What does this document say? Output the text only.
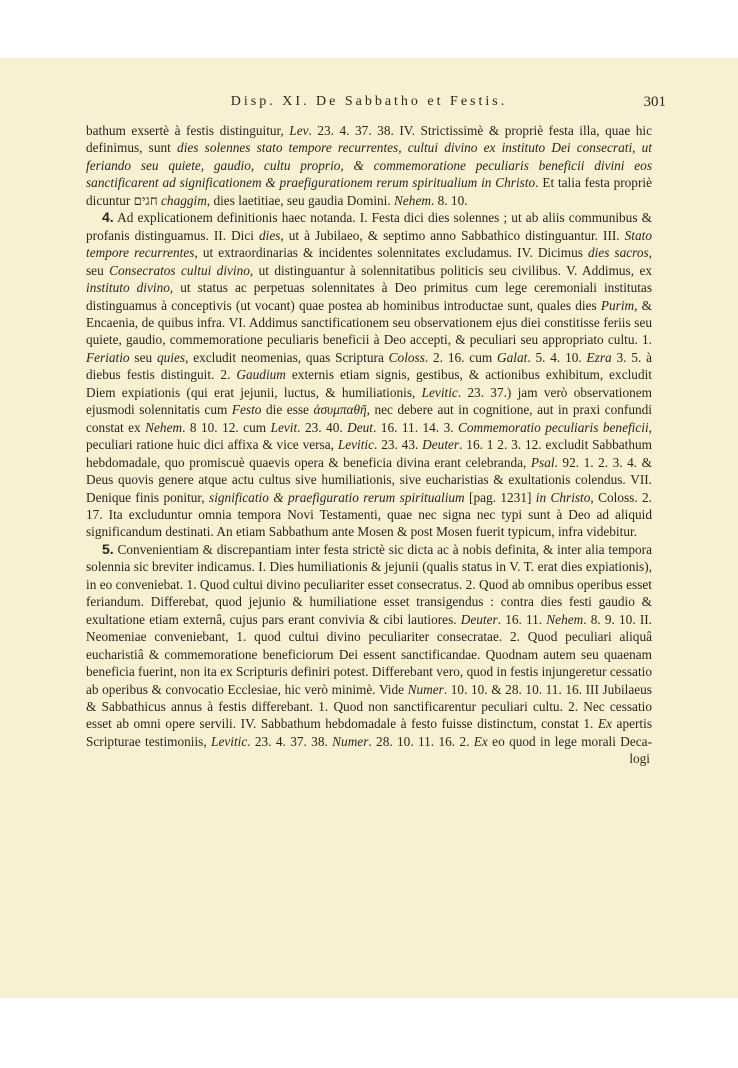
Disp. XI. De Sabbatho et Festis.	301

bathum exsertè à festis distinguitur, Lev. 23. 4. 37. 38. IV. Strictissimè & propriè festa illa, quae hic definimus, sunt dies solennes stato tempore recurrentes, cultui divino ex instituto Dei consecrati, ut feriando seu quiete, gaudio, cultu proprio, & commemoratione peculiaris beneficii divini eos sanctificarent ad significationem & praefigurationem rerum spiritualium in Christo. Et talia festa propriè dicuntur חגים chaggim, dies laetitiae, seu gaudia Domini. Nehem. 8. 10.

4. Ad explicationem definitionis haec notanda. I. Festa dici dies solennes ; ut ab aliis communibus & profanis distinguamus. II. Dici dies, ut à Jubilaeo, & septimo anno Sabbathico distinguantur. III. Stato tempore recurrentes, ut extraordinarias & incidentes solennitates excludamus. IV. Dicimus dies sacros, seu Consecratos cultui divino, ut distinguantur à solennitatibus politicis seu civilibus. V. Addimus, ex instituto divino, ut status ac perpetuas solennitates à Deo primitus cum lege ceremoniali institutas distinguamus à conceptivis (ut vocant) quae postea ab hominibus introductae sunt, quales dies Purim, & Encaenia, de quibus infra. VI. Addimus sanctificationem seu observationem ejus diei constitisse feriis seu quiete, gaudio, commemoratione peculiaris beneficii à Deo accepti, & peculiari seu appropriato cultu. 1. Feriatio seu quies, excludit neomenias, quas Scriptura Coloss. 2. 16. cum Galat. 5. 4. 10. Ezra 3. 5. à diebus festis distinguit. 2. Gaudium externis etiam signis, gestibus, & actionibus exhibitum, excludit Diem expiationis (qui erat jejunii, luctus, & humiliationis, Levitic. 23. 37.) jam verò observationem ejusmodi solennitatis cum Festo die esse ἀσυμπαθῆ, nec debere aut in cognitione, aut in praxi confundi constat ex Nehem. 8 10. 12. cum Levit. 23. 40. Deut. 16. 11. 14. 3. Commemoratio peculiaris beneficii, peculiari ratione huic dici affixa & vice versa, Levitic. 23. 43. Deuter. 16. 1 2. 3. 12. excludit Sabbathum hebdomadale, quo promiscuè quaevis opera & beneficia divina erant celebranda, Psal. 92. 1. 2. 3. 4. & Deus quovis genere atque actu cultus sive humiliationis, sive eucharistias & exultationis colendus. VII. Denique finis ponitur, significatio & praefiguratio rerum spiritualium [pag. 1231] in Christo, Coloss. 2. 17. Ita excluduntur omnia tempora Novi Testamenti, quae nec signa nec typi sunt à Deo ad aliquid significandum destinati. An etiam Sabbathum ante Mosen & post Mosen fuerit typicum, infra videbitur.

5. Convenientiam & discrepantiam inter festa strictè sic dicta ac à nobis definita, & inter alia tempora solennia sic breviter indicamus. I. Dies humiliationis & jejunii (qualis status in V. T. erat dies expiationis), in eo conveniebat. 1. Quod cultui divino peculiariter esset consecratus. 2. Quod ab omnibus operibus esset feriandum. Differebat, quod jejunio & humiliatione esset transigendus : contra dies festi gaudio & exultatione etiam externâ, cujus pars erant convivia & cibi lautiores. Deuter. 16. 11. Nehem. 8. 9. 10. II. Neomeniae conveniebant, 1. quod cultui divino peculiariter consecratae. 2. Quod peculiari aliquâ eucharistiâ & commemoratione beneficiorum Dei essent sanctificandae. Quodnam autem seu quaenam beneficia fuerint, non ita ex Scripturis definiri potest. Differebant vero, quod in festis injungeretur cessatio ab operibus & convocatio Ecclesiae, hic verò minimè. Vide Numer. 10. 10. & 28. 10. 11. 16. III Jubilaeus & Sabbathicus annus à festis differebant. 1. Quod non sanctificarentur peculiari cultu. 2. Nec cessatio esset ab omni opere servili. IV. Sabbathum hebdomadale à festo fuisse distinctum, constat 1. Ex apertis Scripturae testimoniis, Levitic. 23. 4. 37. 38. Numer. 28. 10. 11. 16. 2. Ex eo quod in lege morali Deca-

logi
